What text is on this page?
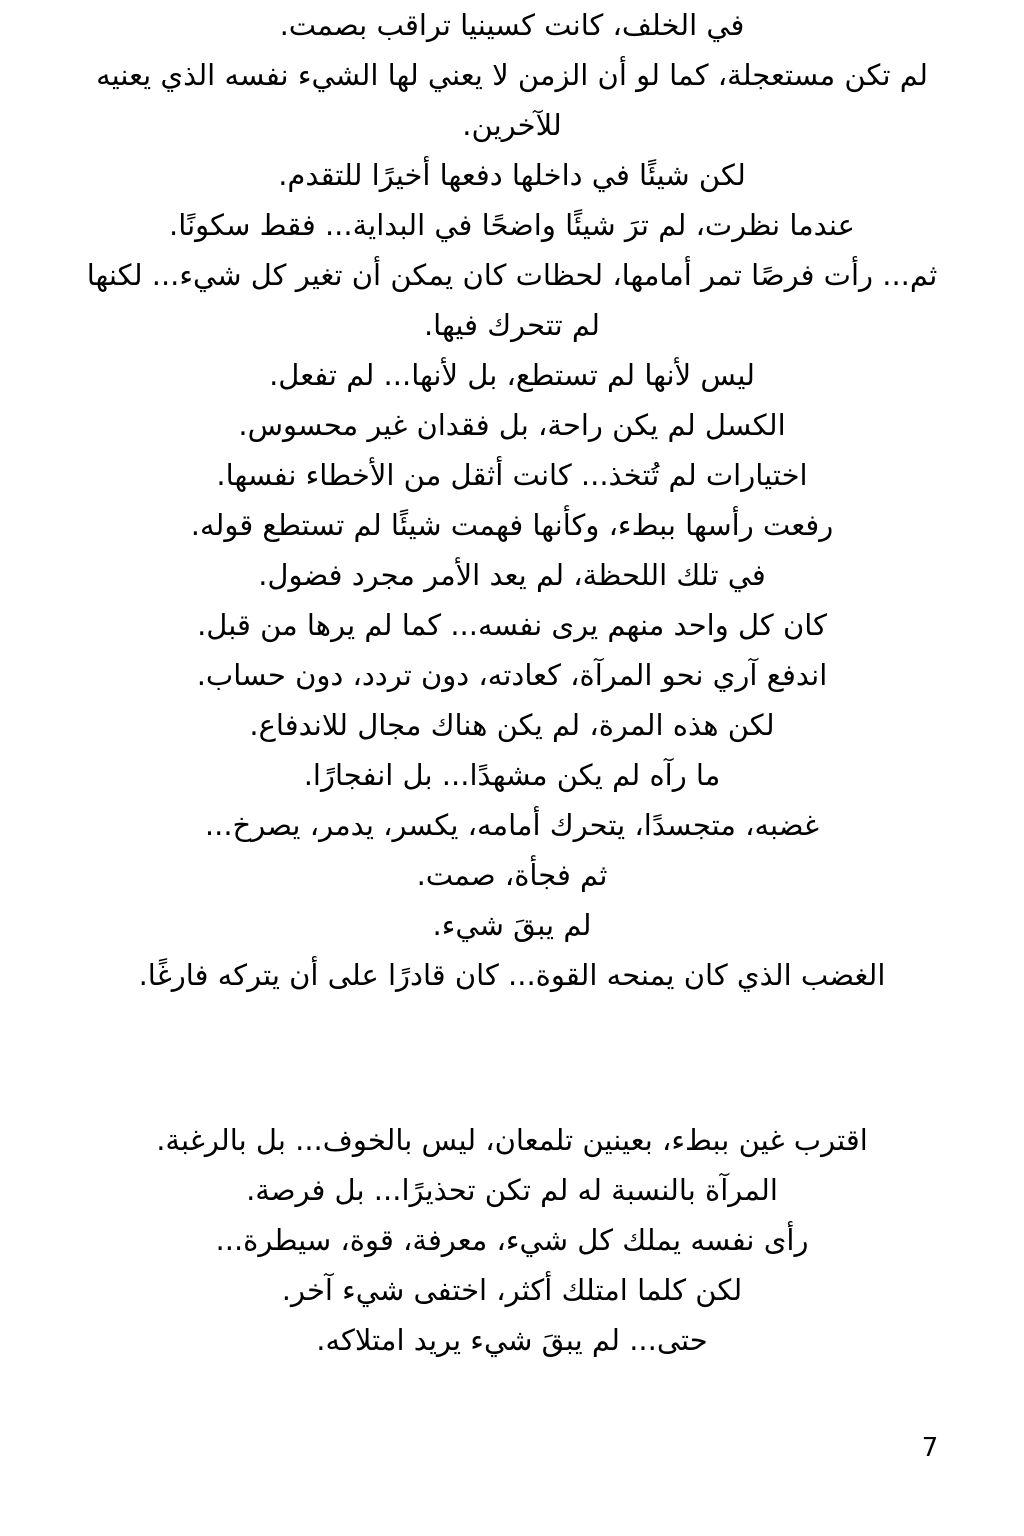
في الخلف، كانت كسينيا تراقب بصمت.
لم تكن مستعجلة، كما لو أن الزمن لا يعني لها الشيء نفسه الذي يعنيه
للآخرين.
لكن شيئًا في داخلها دفعها أخيرًا للتقدم.
عندما نظرت، لم ترَ شيئًا واضحًا في البداية... فقط سكونًا.
ثم... رأت فرصًا تمر أمامها، لحظات كان يمكن أن تغير كل شيء... لكنها
لم تتحرك فيها.
ليس لأنها لم تستطع، بل لأنها... لم تفعل.
الكسل لم يكن راحة، بل فقدان غير محسوس.
اختيارات لم تُتخذ... كانت أثقل من الأخطاء نفسها.
رفعت رأسها ببطء، وكأنها فهمت شيئًا لم تستطع قوله.
في تلك اللحظة، لم يعد الأمر مجرد فضول.
كان كل واحد منهم يرى نفسه... كما لم يرها من قبل.
اندفع آري نحو المرآة، كعادته، دون تردد، دون حساب.
لكن هذه المرة، لم يكن هناك مجال للاندفاع.
ما رآه لم يكن مشهدًا... بل انفجارًا.
غضبه، متجسدًا، يتحرك أمامه، يكسر، يدمر، يصرخ...
ثم فجأة، صمت.
لم يبقَ شيء.
الغضب الذي كان يمنحه القوة... كان قادرًا على أن يتركه فارغًا.
اقترب غين ببطء، بعينين تلمعان، ليس بالخوف... بل بالرغبة.
المرآة بالنسبة له لم تكن تحذيرًا... بل فرصة.
رأى نفسه يملك كل شيء، معرفة، قوة، سيطرة...
لكن كلما امتلك أكثر، اختفى شيء آخر.
حتى... لم يبقَ شيء يريد امتلاكه.
7
